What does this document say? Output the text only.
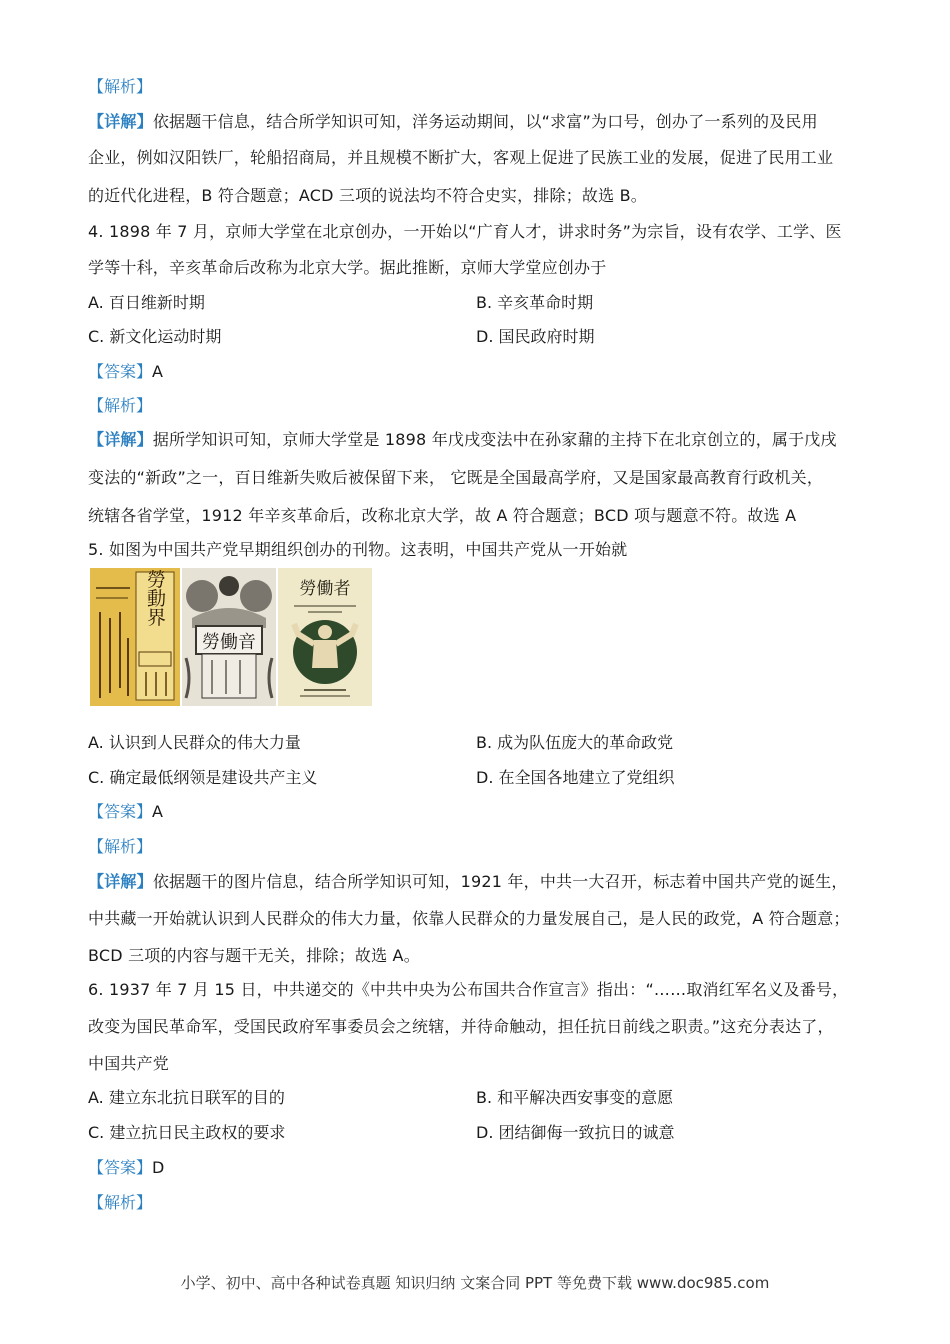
【解析】
【详解】依据题干信息，结合所学知识可知，洋务运动期间，以“求富”为口号，创办了一系列的及民用
企业，例如汉阳铁厂，轮船招商局，并且规模不断扩大，客观上促进了民族工业的发展，促进了民用工业
的近代化进程，B 符合题意；ACD 三项的说法均不符合史实，排除；故选 B。
4. 1898 年 7 月，京师大学堂在北京创办，一开始以“广育人才，讲求时务”为宗旨，设有农学、工学、医
学等十科，辛亥革命后改称为北京大学。据此推断，京师大学堂应创办于
A. 百日维新时期	B. 辛亥革命时期
C. 新文化运动时期	D. 国民政府时期
【答案】A
【解析】
【详解】据所学知识可知，京师大学堂是 1898 年戊戌变法中在孙家鼐的主持下在北京创立的，属于戊戌
变法的“新政”之一，百日维新失败后被保留下来， 它既是全国最高学府，又是国家最高教育行政机关，
统辖各省学堂，1912 年辛亥革命后，改称北京大学，故 A 符合题意；BCD 项与题意不符。故选 A
5. 如图为中国共产党早期组织创办的刊物。这表明，中国共产党从一开始就
勞動界
勞働音
勞働者
A. 认识到人民群众的伟大力量	B. 成为队伍庞大的革命政党
C. 确定最低纲领是建设共产主义	D. 在全国各地建立了党组织
【答案】A
【解析】
【详解】依据题干的图片信息，结合所学知识可知，1921 年，中共一大召开，标志着中国共产党的诞生，
中共藏一开始就认识到人民群众的伟大力量，依靠人民群众的力量发展自己，是人民的政党，A 符合题意；
BCD 三项的内容与题干无关，排除；故选 A。
6. 1937 年 7 月 15 日，中共递交的《中共中央为公布国共合作宣言》指出：“……取消红军名义及番号，
改变为国民革命军，受国民政府军事委员会之统辖，并待命触动，担任抗日前线之职责。”这充分表达了，
中国共产党
A. 建立东北抗日联军的目的	B. 和平解决西安事变的意愿
C. 建立抗日民主政权的要求	D. 团结御侮一致抗日的诚意
【答案】D
【解析】
小学、初中、高中各种试卷真题 知识归纳 文案合同 PPT 等免费下载 www.doc985.com
